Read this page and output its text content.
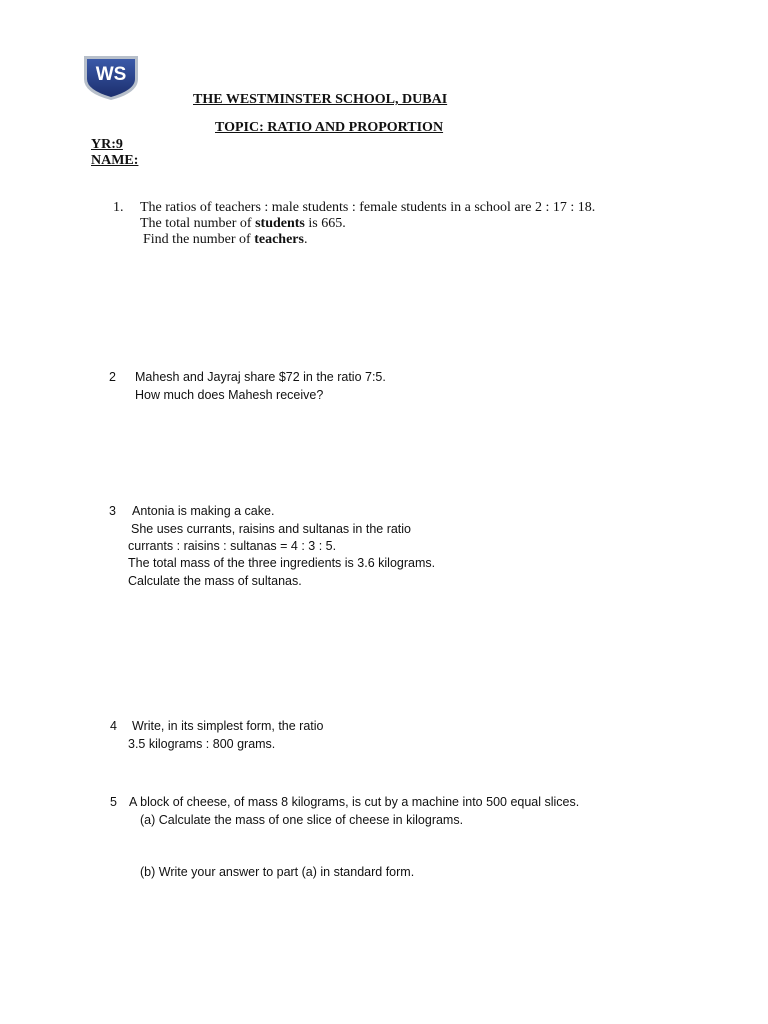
WS
THE WESTMINSTER SCHOOL, DUBAI
TOPIC: RATIO AND PROPORTION
YR:9
NAME:
1. The ratios of teachers : male students : female students in a school are 2 : 17 : 18.
The total number of students is 665.
Find the number of teachers.
2 Mahesh and Jayraj share $72 in the ratio 7:5.
How much does Mahesh receive?
3 Antonia is making a cake.
She uses currants, raisins and sultanas in the ratio
currants : raisins : sultanas = 4 : 3 : 5.
The total mass of the three ingredients is 3.6 kilograms.
Calculate the mass of sultanas.
4 Write, in its simplest form, the ratio
3.5 kilograms : 800 grams.
5 A block of cheese, of mass 8 kilograms, is cut by a machine into 500 equal slices.
(a) Calculate the mass of one slice of cheese in kilograms.
(b) Write your answer to part (a) in standard form.
